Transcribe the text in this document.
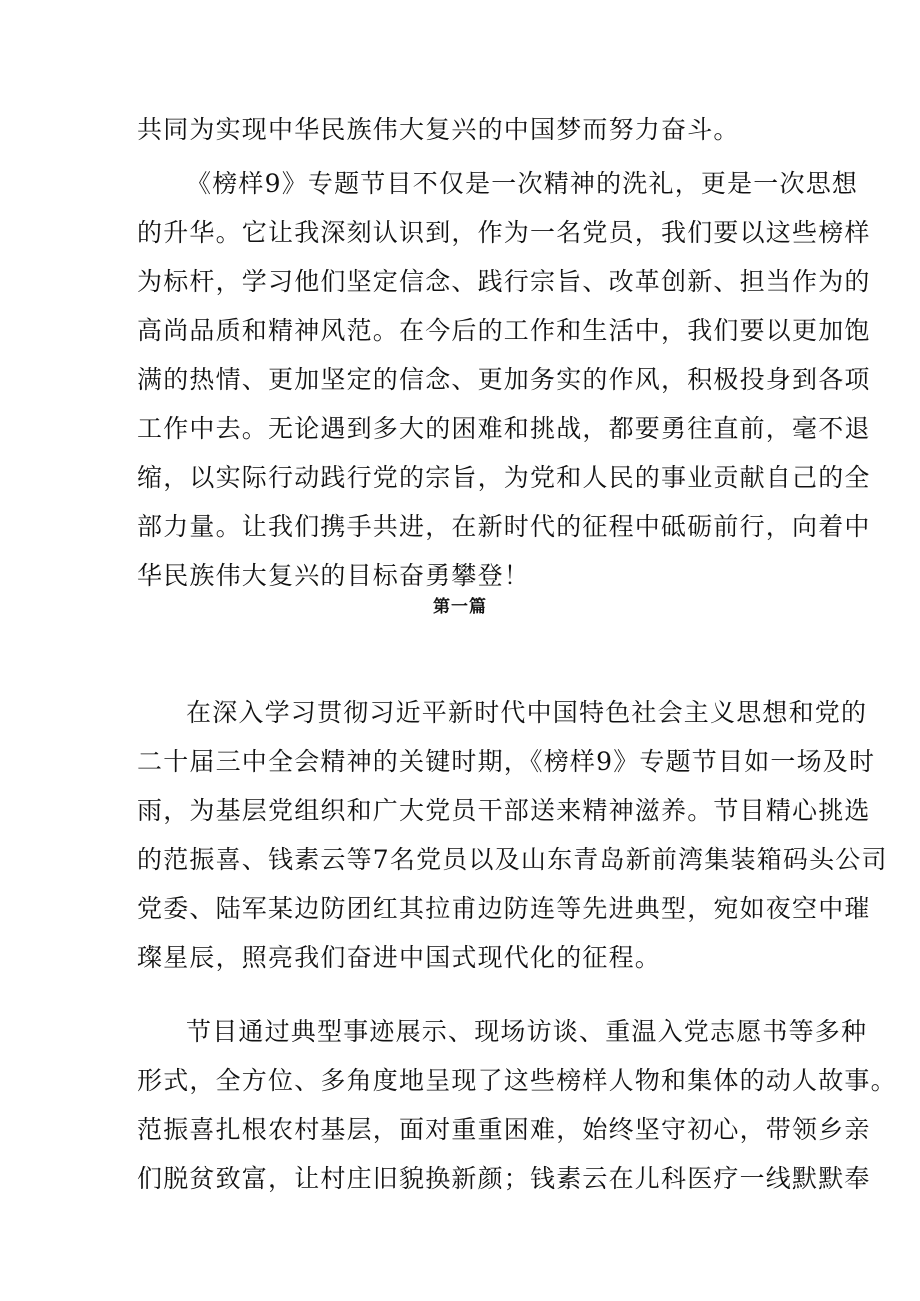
共同为实现中华民族伟大复兴的中国梦而努力奋斗。
《榜样9》专题节目不仅是一次精神的洗礼，更是一次思想
的升华。它让我深刻认识到，作为一名党员，我们要以这些榜样
为标杆，学习他们坚定信念、践行宗旨、改革创新、担当作为的
高尚品质和精神风范。在今后的工作和生活中，我们要以更加饱
满的热情、更加坚定的信念、更加务实的作风，积极投身到各项
工作中去。无论遇到多大的困难和挑战，都要勇往直前，毫不退
缩，以实际行动践行党的宗旨，为党和人民的事业贡献自己的全
部力量。让我们携手共进，在新时代的征程中砥砺前行，向着中
华民族伟大复兴的目标奋勇攀登！
第一篇
在深入学习贯彻习近平新时代中国特色社会主义思想和党的
二十届三中全会精神的关键时期，《榜样9》专题节目如一场及时
雨，为基层党组织和广大党员干部送来精神滋养。节目精心挑选
的范振喜、钱素云等7名党员以及山东青岛新前湾集装箱码头公司
党委、陆军某边防团红其拉甫边防连等先进典型，宛如夜空中璀
璨星辰，照亮我们奋进中国式现代化的征程。
节目通过典型事迹展示、现场访谈、重温入党志愿书等多种
形式，全方位、多角度地呈现了这些榜样人物和集体的动人故事。
范振喜扎根农村基层，面对重重困难，始终坚守初心，带领乡亲
们脱贫致富，让村庄旧貌换新颜；钱素云在儿科医疗一线默默奉
